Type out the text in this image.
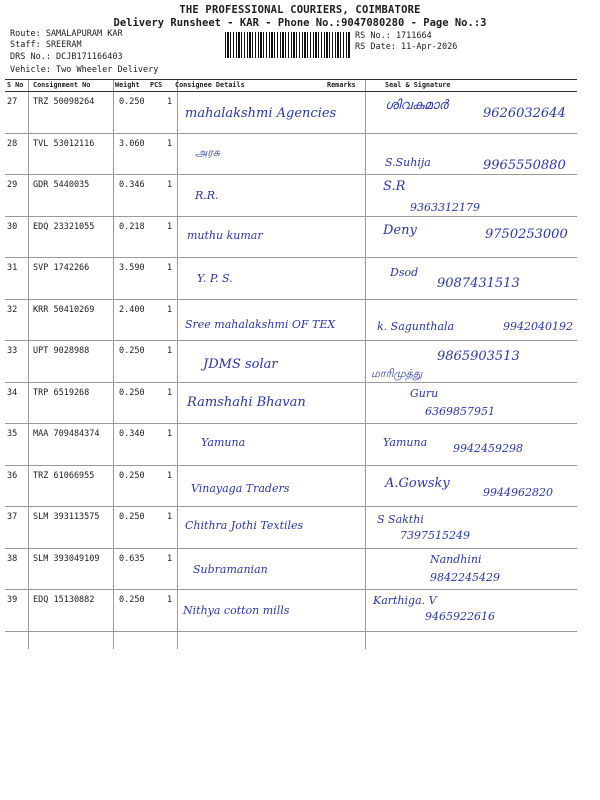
THE PROFESSIONAL COURIERS, COIMBATORE
Delivery Runsheet - KAR - Phone No.:9047080280 - Page No.:3
Route: SAMALAPURAM KAR
Staff: SREERAM
DRS No.: DCJB171166403
RS No.: 1711664
RS Date: 11-Apr-2026
Vehicle: Two Wheeler Delivery
S No Consignment No	Weight PCS Consignee Details	Remarks	Seal & Signature
27 TRZ 50098264	0.250	1
mahalakshmi Agencies
ശിവകുമാർ
9626032644
28 TVL 53012116	3.060	1
அரசு
S.Suhija	9965550880
29 GDR 5440035	0.346	1
R.R.
S.R
9363312179
30 EDQ 23321055	0.218	1
muthu kumar	Deny	9750253000
31 SVP 1742266	3.590	1
Y. P. S.	Dsod
9087431513
32 KRR 50410269	2.400	1
Sree mahalakshmi OF TEX	k. Sagunthala	9942040192
33 UPT 9028988	0.250	1
JDMS solar
மாரிமுத்து
9865903513
34 TRP 6519268	0.250	1
Ramshahi Bhavan
Guru
6369857951
35 MAA 709484374 0.340	1
Yamuna	Yamuna 9942459298
36 TRZ 61066955	0.250	1
Vinayaga Traders	A.Gowsky
9944962820
37 SLM 393113575 0.250	1
Chithra Jothi Textiles	S Sakthi
7397515249
38 SLM 393049109 0.635	1
Subramanian
Nandhini
9842245429
39 EDQ 15130882	0.250	1
Nithya cotton mills
Karthiga. V
9465922616
